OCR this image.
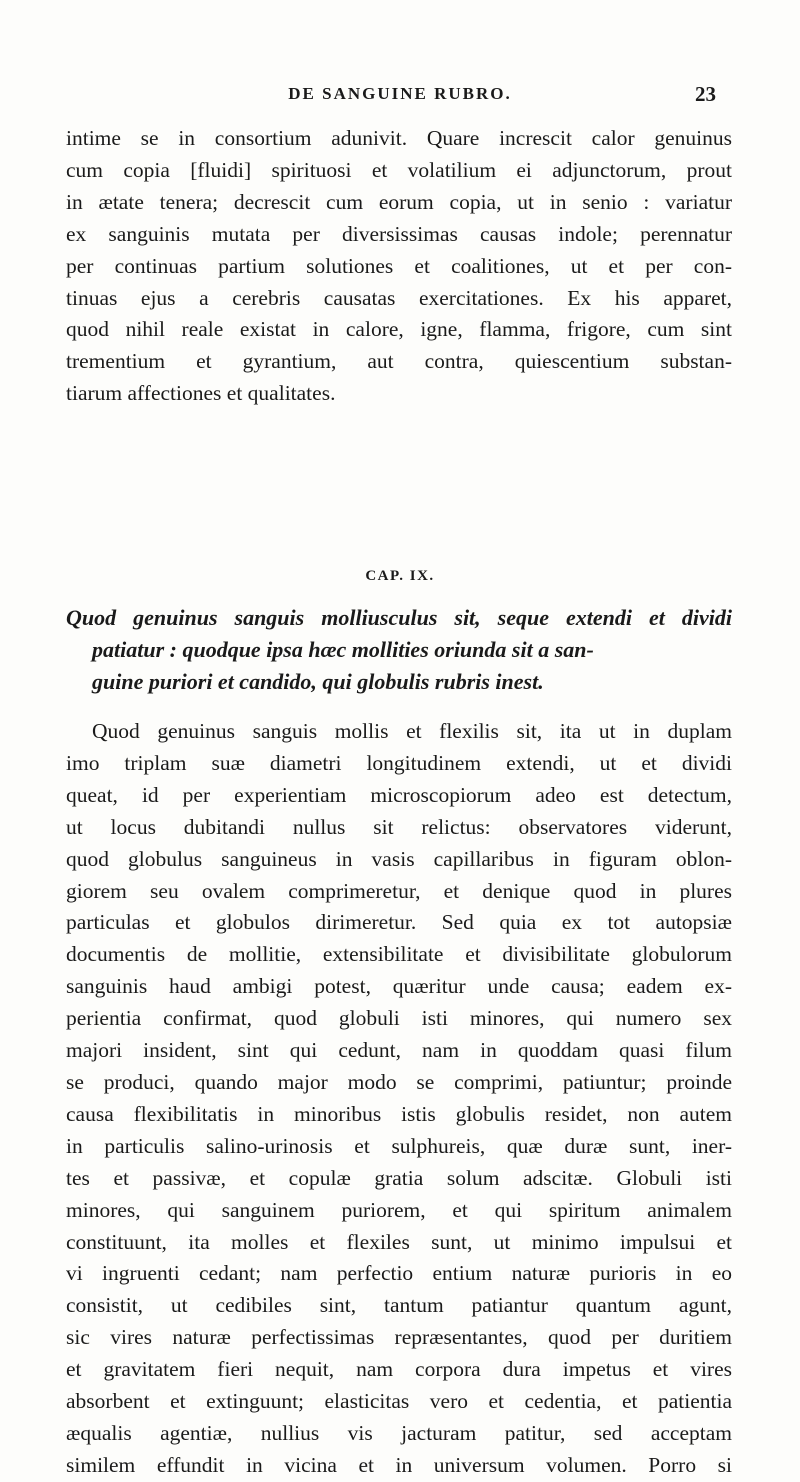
DE SANGUINE RUBRO.	23
intime se in consortium adunivit. Quare increscit calor genuinus
cum copia [fluidi] spirituosi et volatilium ei adjunctorum, prout
in ætate tenera; decrescit cum eorum copia, ut in senio : variatur
ex sanguinis mutata per diversissimas causas indole; perennatur
per continuas partium solutiones et coalitiones, ut et per con-
tinuas ejus a cerebris causatas exercitationes. Ex his apparet,
quod nihil reale existat in calore, igne, flamma, frigore, cum sint
trementium et gyrantium, aut contra, quiescentium substan-
tiarum affectiones et qualitates.
CAP. IX.
Quod genuinus sanguis molliusculus sit, seque extendi et dividi
patiatur : quodque ipsa hæc mollities oriunda sit a san-
guine puriori et candido, qui globulis rubris inest.
Quod genuinus sanguis mollis et flexilis sit, ita ut in duplam
imo triplam suæ diametri longitudinem extendi, ut et dividi
queat, id per experientiam microscopiorum adeo est detectum,
ut locus dubitandi nullus sit relictus: observatores viderunt,
quod globulus sanguineus in vasis capillaribus in figuram oblon-
giorem seu ovalem comprimeretur, et denique quod in plures
particulas et globulos dirimeretur. Sed quia ex tot autopsiæ
documentis de mollitie, extensibilitate et divisibilitate globulorum
sanguinis haud ambigi potest, quæritur unde causa; eadem ex-
perientia confirmat, quod globuli isti minores, qui numero sex
majori insident, sint qui cedunt, nam in quoddam quasi filum
se produci, quando major modo se comprimi, patiuntur; proinde
causa flexibilitatis in minoribus istis globulis residet, non autem
in particulis salino-urinosis et sulphureis, quæ duræ sunt, iner-
tes et passivæ, et copulæ gratia solum adscitæ. Globuli isti
minores, qui sanguinem puriorem, et qui spiritum animalem
constituunt, ita molles et flexiles sunt, ut minimo impulsui et
vi ingruenti cedant; nam perfectio entium naturæ purioris in eo
consistit, ut cedibiles sint, tantum patiantur quantum agunt,
sic vires naturæ perfectissimas repræsentantes, quod per duritiem
et gravitatem fieri nequit, nam corpora dura impetus et vires
absorbent et extinguunt; elasticitas vero et cedentia, et patientia
æqualis agentiæ, nullius vis jacturam patitur, sed acceptam
similem effundit in vicina et in universum volumen. Porro si
